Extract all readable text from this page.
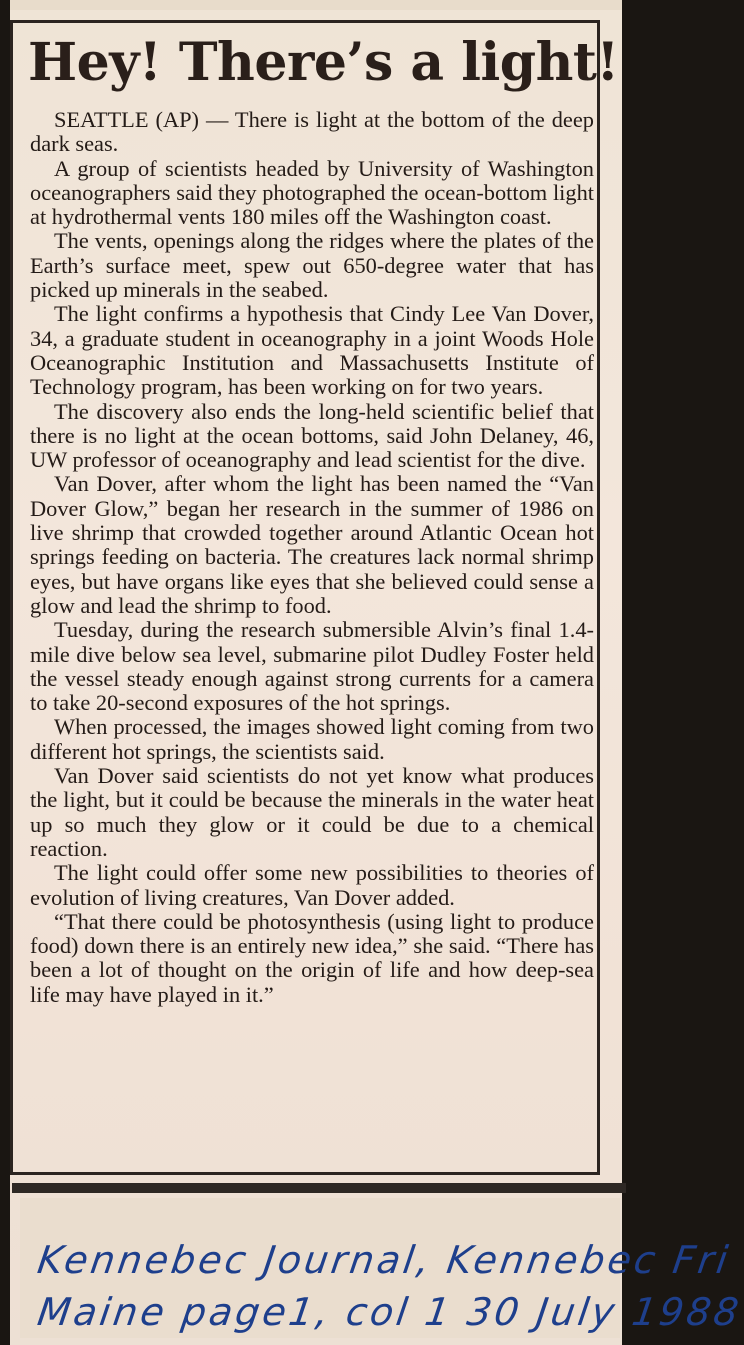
Hey! There’s a light!

SEATTLE (AP) — There is light at the bottom of the deep dark seas.

A group of scientists headed by University of Washington oceanographers said they photographed the ocean-bottom light at hydrothermal vents 180 miles off the Washington coast.

The vents, openings along the ridges where the plates of the Earth’s surface meet, spew out 650-degree water that has picked up minerals in the seabed.

The light confirms a hypothesis that Cindy Lee Van Dover, 34, a graduate student in oceanography in a joint Woods Hole Oceanographic Institution and Massachusetts Institute of Technology program, has been working on for two years.

The discovery also ends the long-held scientific belief that there is no light at the ocean bottoms, said John Delaney, 46, UW professor of oceanography and lead scientist for the dive.

Van Dover, after whom the light has been named the “Van Dover Glow,” began her research in the summer of 1986 on live shrimp that crowded together around Atlantic Ocean hot springs feeding on bacteria. The creatures lack normal shrimp eyes, but have organs like eyes that she believed could sense a glow and lead the shrimp to food.

Tuesday, during the research submersible Alvin’s final 1.4-mile dive below sea level, submarine pilot Dudley Foster held the vessel steady enough against strong currents for a camera to take 20-second exposures of the hot springs.

When processed, the images showed light coming from two different hot springs, the scientists said.

Van Dover said scientists do not yet know what produces the light, but it could be because the minerals in the water heat up so much they glow or it could be due to a chemical reaction.

The light could offer some new possibilities to theories of evolution of living creatures, Van Dover added.

“That there could be photosynthesis (using light to produce food) down there is an entirely new idea,” she said. “There has been a lot of thought on the origin of life and how deep-sea life may have played in it.”

Kennebec Journal, Kennebec Fri
Maine page1, col 1 30 July 1988
